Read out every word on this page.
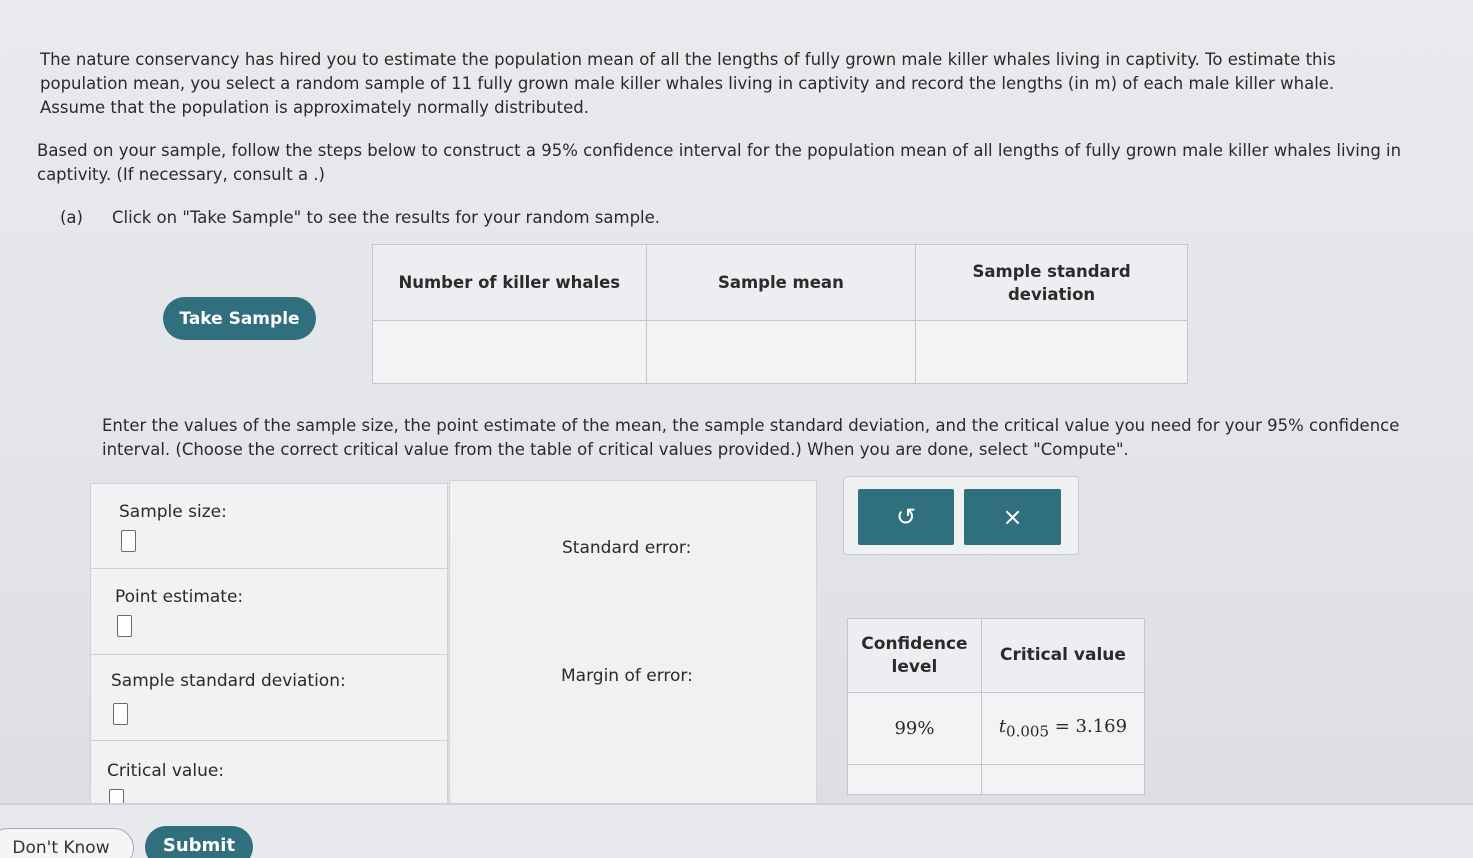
The nature conservancy has hired you to estimate the population mean of all the lengths of fully grown male killer whales living in captivity. To estimate this population mean, you select a random sample of 11 fully grown male killer whales living in captivity and record the lengths (in m) of each male killer whale. Assume that the population is approximately normally distributed.
Based on your sample, follow the steps below to construct a 95% confidence interval for the population mean of all lengths of fully grown male killer whales living in captivity. (If necessary, consult a .)
(a) Click on "Take Sample" to see the results for your random sample.
Take Sample
Number of killer whales	Sample mean	Sample standard deviation

Enter the values of the sample size, the point estimate of the mean, the sample standard deviation, and the critical value you need for your 95% confidence interval. (Choose the correct critical value from the table of critical values provided.) When you are done, select "Compute".
Sample size:
Point estimate:
Sample standard deviation:
Critical value:
Standard error:
Margin of error:
↺	×
Confidence level	Critical value
99%	$t_{0.005} = 3.169$

Don't Know	Submit
